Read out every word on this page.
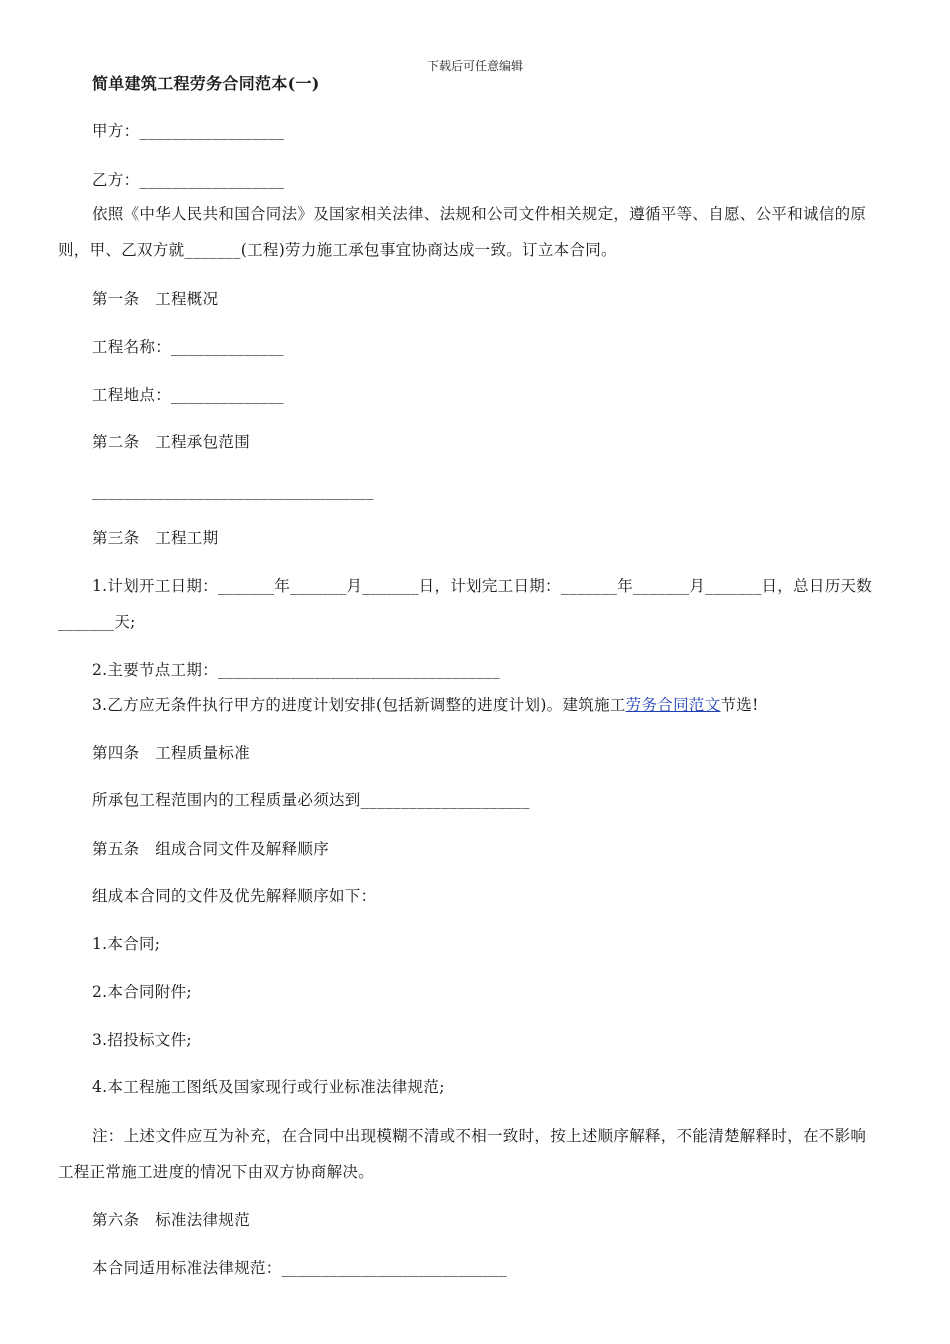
下载后可任意编辑
简单建筑工程劳务合同范本(一)
甲方：__________________
乙方：__________________
依照《中华人民共和国合同法》及国家相关法律、法规和公司文件相关规定，遵循平等、自愿、公平和诚信的原则，甲、乙双方就_______(工程)劳力施工承包事宜协商达成一致。订立本合同。
第一条　工程概况
工程名称：______________
工程地点：______________
第二条　工程承包范围
___________________________________
第三条　工程工期
1.计划开工日期：_______年_______月_______日，计划完工日期：_______年_______月_______日，总日历天数_______天;
2.主要节点工期：___________________________________
3.乙方应无条件执行甲方的进度计划安排(包括新调整的进度计划)。建筑施工劳务合同范文节选!
第四条　工程质量标准
所承包工程范围内的工程质量必须达到_____________________
第五条　组成合同文件及解释顺序
组成本合同的文件及优先解释顺序如下：
1.本合同;
2.本合同附件;
3.招投标文件;
4.本工程施工图纸及国家现行或行业标准法律规范;
注：上述文件应互为补充，在合同中出现模糊不清或不相一致时，按上述顺序解释，不能清楚解释时，在不影响工程正常施工进度的情况下由双方协商解决。
第六条　标准法律规范
本合同适用标准法律规范：____________________________
